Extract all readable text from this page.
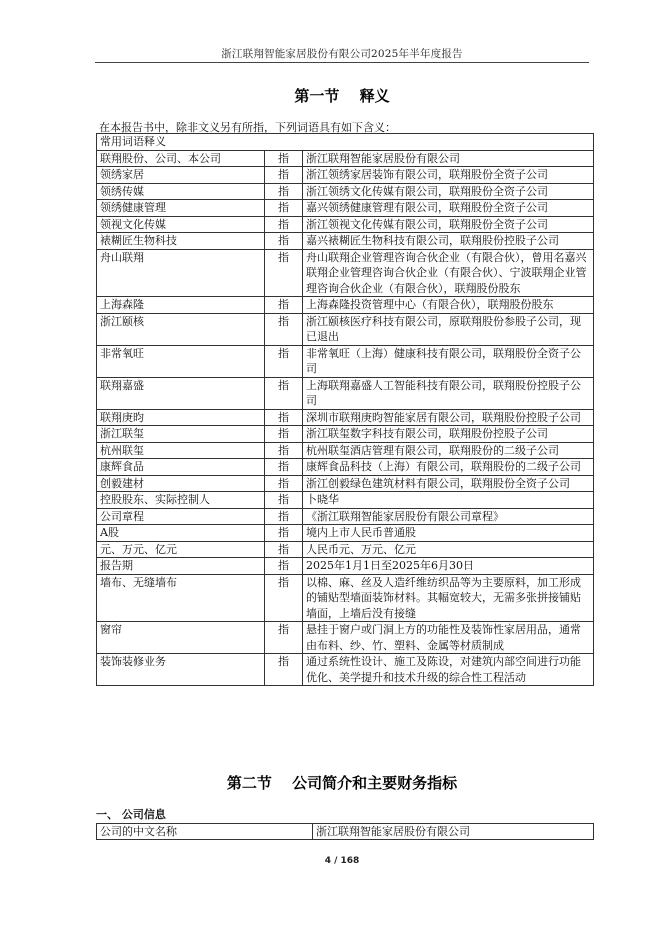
浙江联翔智能家居股份有限公司2025年半年度报告
第一节　 释义
在本报告书中，除非文义另有所指，下列词语具有如下含义：
常用词语释义		
联翔股份、公司、本公司	指	浙江联翔智能家居股份有限公司
领绣家居	指	浙江领绣家居装饰有限公司，联翔股份全资子公司
领绣传媒	指	浙江领绣文化传媒有限公司，联翔股份全资子公司
领绣健康管理	指	嘉兴领绣健康管理有限公司，联翔股份全资子公司
领视文化传媒	指	浙江领视文化传媒有限公司，联翔股份全资子公司
裱糊匠生物科技	指	嘉兴裱糊匠生物科技有限公司，联翔股份控股子公司
舟山联翔	指	舟山联翔企业管理咨询合伙企业（有限合伙），曾用名嘉兴联翔企业管理咨询合伙企业（有限合伙）、宁波联翔企业管理咨询合伙企业（有限合伙），联翔股份股东
上海森隆	指	上海森隆投资管理中心（有限合伙），联翔股份股东
浙江颐核	指	浙江颐核医疗科技有限公司，原联翔股份参股子公司，现已退出
非常氧旺	指	非常氧旺（上海）健康科技有限公司，联翔股份全资子公司
联翔嘉盛	指	上海联翔嘉盛人工智能科技有限公司，联翔股份控股子公司
联翔庚昀	指	深圳市联翔庚昀智能家居有限公司，联翔股份控股子公司
浙江联玺	指	浙江联玺数字科技有限公司，联翔股份控股子公司
杭州联玺	指	杭州联玺酒店管理有限公司，联翔股份的二级子公司
康辉食品	指	康辉食品科技（上海）有限公司，联翔股份的二级子公司
创毅建材	指	浙江创毅绿色建筑材料有限公司，联翔股份全资子公司
控股股东、实际控制人	指	卜晓华
公司章程	指	《浙江联翔智能家居股份有限公司章程》
A股	指	境内上市人民币普通股
元、万元、亿元	指	人民币元、万元、亿元
报告期	指	2025年1月1日至2025年6月30日
墙布、无缝墙布	指	以棉、麻、丝及人造纤维纺织品等为主要原料，加工形成的铺贴型墙面装饰材料。其幅宽较大，无需多张拼接铺贴墙面，上墙后没有接缝
窗帘	指	悬挂于窗户或门洞上方的功能性及装饰性家居用品，通常由布料、纱、竹、塑料、金属等材质制成
装饰装修业务	指	通过系统性设计、施工及陈设，对建筑内部空间进行功能优化、美学提升和技术升级的综合性工程活动
第二节　 公司简介和主要财务指标
一、 公司信息
公司的中文名称	浙江联翔智能家居股份有限公司
4 / 168
